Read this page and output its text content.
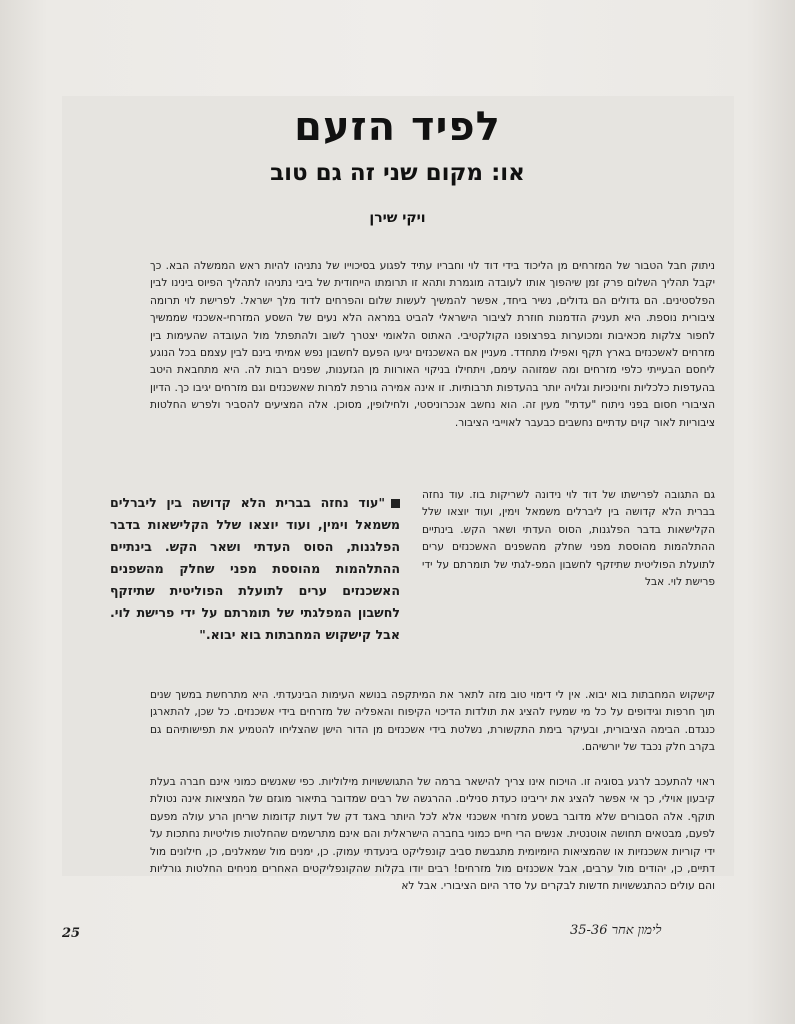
לפיד הזעם
או: מקום שני זה גם טוב
ויקי שירן
ניתוק חבל הטבור של המזרחים מן הליכוד בידי דוד לוי וחבריו עתיד לפגוע בסיכוייו של נתניהו להיות ראש הממשלה הבא. כך יקבל תהליך השלום פרק זמן שיהפוך אותו לעובדה מוגמרת ותהא זו תרומתו הייחודית של ביבי נתניהו לתהליך הפיוס בינינו לבין הפלסטינים. הם גדולים הם גדולים, נשיר ביחד, אפשר להמשיך לעשות שלום והפרחים לדוד מלך ישראל. לפרישת לוי תרומה ציבורית נוספת. היא תעניק הזדמנות חוזרת לציבור הישראלי להביט במראה הלא נעים של השסע המזרחי-אשכנזי שממשיך לחפור צלקות מכאיבות ומכוערות בפרצופנו הקולקטיבי. האתוס הלאומי יצטרך לשוב ולהתפתל מול העובדה שהעימות בין מזרחים לאשכנזים בארץ תקף ואפילו מתחדד. מעניין אם האשכנזים יגיעו הפעם לחשבון נפש אמיתי בינם לבין עצמם בכל הנוגע ליחסם הבעייתי כלפי מזרחים ומה שמזוהה עימם, ויתחילו בניקוי האורוות מן הגזענות, שפנים רבות לה. היא מתחבאת היטב בהעדפות כלכליות וחינוכיות וגלויה יותר בהעדפות תרבותיות. זו אינה אמירה גורפת למרות שאשכנזים וגם מזרחים יגיבו כך. הדיון הציבורי חסום בפני ניתוח "עדתי" מעין זה. הוא נחשב אנכרוניסטי, ולחילופין, מסוכן. אלה המציעים להסביר ולפרש החלטות ציבוריות לאור קוים עדתיים נחשבים כבעבר לאוייבי הציבור.
גם התגובה לפרישתו של דוד לוי נידונה לשריקות בוז. עוד נחזה בברית הלא קדושה בין ליברלים משמאל וימין, ועוד יוצאו שלל הקלישאות בדבר הפלגנות, הסוס העדתי ושאר הקש. בינתיים ההתלהמות מהוססת מפני שחלק מהשפנים האשכנזים ערים לתועלת הפוליטית שתיזקף לחשבון המפ-לגתי של תומרתם על ידי פרישת לוי. אבל
"עוד נחזה בברית הלא קדושה בין ליברלים משמאל וימין, ועוד יוצאו שלל הקלישאות בדבר הפלגנות, הסוס העדתי ושאר הקש. בינתיים ההתלהמות מהוססת מפני שחלק מהשפנים האשכנזים ערים לתועלת הפוליטית שתיזקף לחשבון המפלגתי של תומרתם על ידי פרישת לוי. אבל קישקוש המחבתות בוא יבוא."
קישקוש המחבתות בוא יבוא. אין לי דימוי טוב מזה לתאר את המיתקפה בנושא העימות הבינעדתי. היא מתרחשת במשך שנים תוך חרפות וגידופים על כל מי שמעיז להציג את תולדות הדיכוי הקיפוח והאפליה של מזרחים בידי אשכנזים. כל שכן, להתארגן כנגדם. הבימה הציבורית, ובעיקר בימת התקשורת, נשלטת בידי אשכנזים מן הדור הישן שהצליחו להטמיע את תפישותיהם גם בקרב חלק נכבד של יורשיהם.
ראוי להתעכב לרגע בסוגיה זו. הויכוח אינו צריך להישאר ברמה של התגוששויות מילוליות. כפי שאנשים כמוני אינם חברה בעלת קיבעון אוילי, כך אי אפשר להציג את יריבינו כעדת סנילים. ההרגשה של רבים שמדובר בתיאור מוגזם של המציאות אינה נטולת תוקף. אלה הסבורים שלא מדובר בשסע מזרחי אשכנזי אלא לכל היותר באגד דק של דעות קדומות שריחן הרע עולה מפעם לפעם, מבטאים תחושה אוטנטית. אנשים הרי חיים כמוני בחברה הישראלית והם אינם מתרשמים שהחלטות פוליטיות נחתכות על ידי קוריות אשכנזיות או שהמציאות היומיומית מתגבשת סביב קונפליקט בינעדתי עמוק. כן, ימנים מול שמאלנים, כן, חילונים מול דתיים, כן, יהודים מול ערבים, אבל אשכנזים מול מזרחים! רבים יודו בקלות שהקונפליקטים האחרים מניחים החלטות גורליות והם עולים כהתגששויות חדשות לבקרים על סדר היום הציבורי. אבל לא
25	לימון אחר 35-36
